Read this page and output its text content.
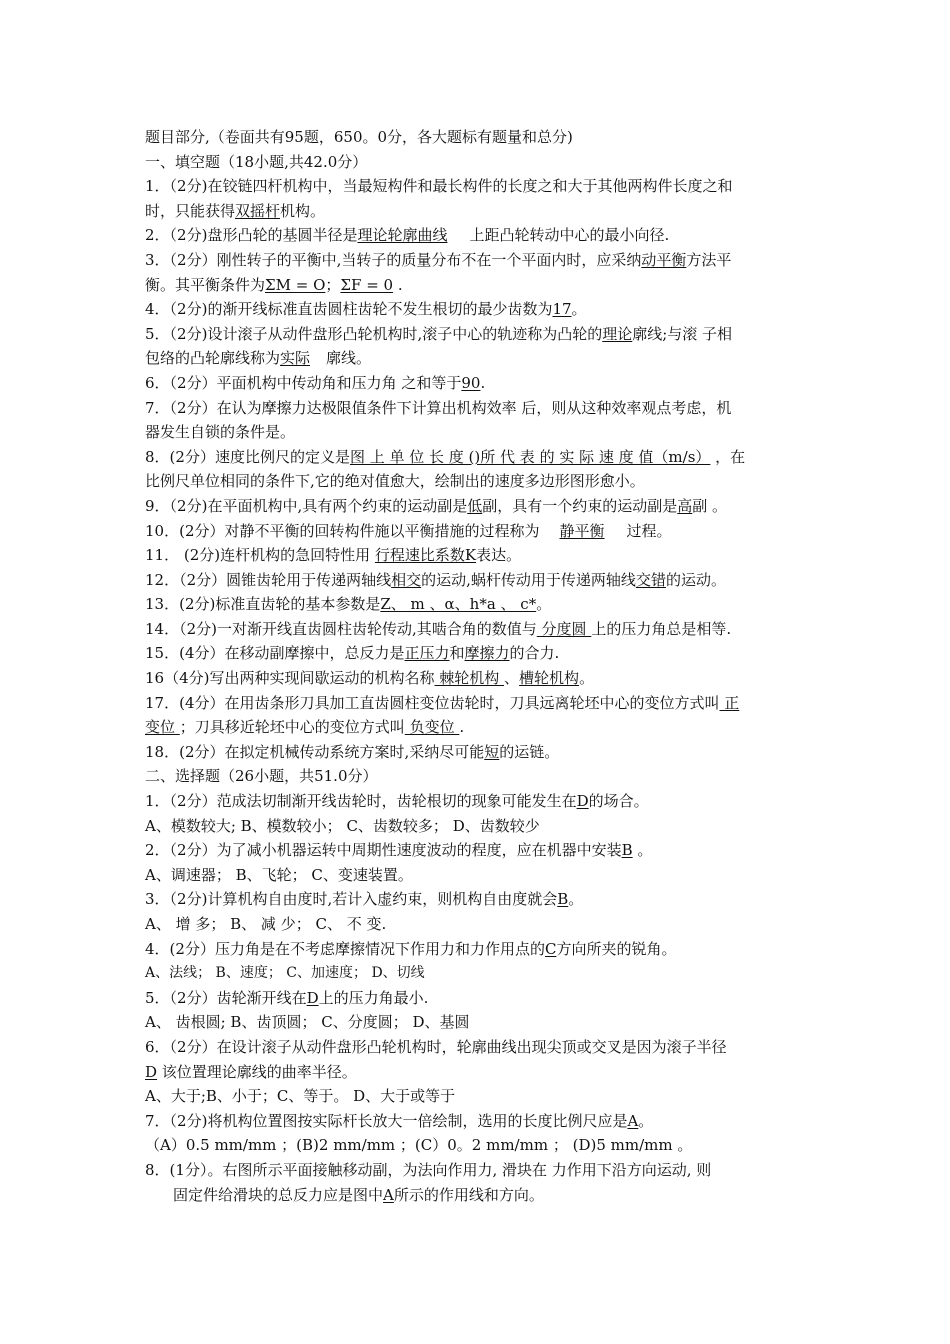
题目部分,（卷面共有95题，650。0分，各大题标有题量和总分)
一、填空题（18小题,共42.0分）
1．（2分)在铰链四杆机构中，当最短构件和最长构件的长度之和大于其他两构件长度之和
时，只能获得双摇杆机构。
2．（2分)盘形凸轮的基圆半径是理论轮廓曲线 上距凸轮转动中心的最小向径.
3．（2分）刚性转子的平衡中,当转子的质量分布不在一个平面内时，应采纳动平衡方法平
衡。其平衡条件为ΣM = O；ΣF = 0 .
4．（2分)的渐开线标准直齿圆柱齿轮不发生根切的最少齿数为17。
5．（2分)设计滚子从动件盘形凸轮机构时,滚子中心的轨迹称为凸轮的理论廓线;与滚 子相
包络的凸轮廓线称为实际 廓线。
6．（2分）平面机构中传动角和压力角 之和等于90.
7．（2分）在认为摩擦力达极限值条件下计算出机构效率 后，则从这种效率观点考虑，机
器发生自锁的条件是。
8．(2分）速度比例尺的定义是图 上 单 位 长 度 ()所 代 表 的 实 际 速 度 值（m/s） ，在
比例尺单位相同的条件下,它的绝对值愈大，绘制出的速度多边形图形愈小。
9．（2分)在平面机构中,具有两个约束的运动副是低副，具有一个约束的运动副是高副 。
10．(2分）对静不平衡的回转构件施以平衡措施的过程称为 静平衡 过程。
11． (2分)连杆机构的急回特性用 行程速比系数K表达。
12．（2分）圆锥齿轮用于传递两轴线相交的运动,蜗杆传动用于传递两轴线交错的运动。
13．(2分)标准直齿轮的基本参数是Z、 m 、α、h*a 、 c*。
14．（2分)一对渐开线直齿圆柱齿轮传动,其啮合角的数值与 分度圆 上的压力角总是相等.
15．(4分）在移动副摩擦中，总反力是正压力和摩擦力的合力.
16（4分)写出两种实现间歇运动的机构名称 棘轮机构 、槽轮机构。
17．(4分）在用齿条形刀具加工直齿圆柱变位齿轮时，刀具远离轮坯中心的变位方式叫 正
变位 ；刀具移近轮坯中心的变位方式叫 负变位 .
18．(2分）在拟定机械传动系统方案时,采纳尽可能短的运链。
二、选择题（26小题，共51.0分）
1．（2分）范成法切制渐开线齿轮时，齿轮根切的现象可能发生在D的场合。
A、模数较大; B、模数较小； C、齿数较多； D、齿数较少
2．（2分）为了减小机器运转中周期性速度波动的程度，应在机器中安装B 。
A、调速器； B、飞轮； C、变速装置。
3．（2分)计算机构自由度时,若计入虚约束，则机构自由度就会B。
A、 增 多； B、 减 少； C、 不 变.
4．(2分）压力角是在不考虑摩擦情况下作用力和力作用点的C方向所夹的锐角。
A、法线； B、速度； C、加速度； D、切线
5．（2分）齿轮渐开线在D上的压力角最小.
A、 齿根圆; B、齿顶圆； C、分度圆； D、基圆
6．（2分）在设计滚子从动件盘形凸轮机构时，轮廓曲线出现尖顶或交叉是因为滚子半径
D 该位置理论廓线的曲率半径。
A、大于;B、小于；C、等于。 D、大于或等于
7．（2分)将机构位置图按实际杆长放大一倍绘制，选用的长度比例尺应是A。
（A）0.5 mm/mm ；(B)2 mm/mm ；(C）0。2 mm/mm ； (D)5 mm/mm 。
8．(1分）。右图所示平面接触移动副，为法向作用力, 滑块在 力作用下沿方向运动, 则
固定件给滑块的总反力应是图中A所示的作用线和方向。
